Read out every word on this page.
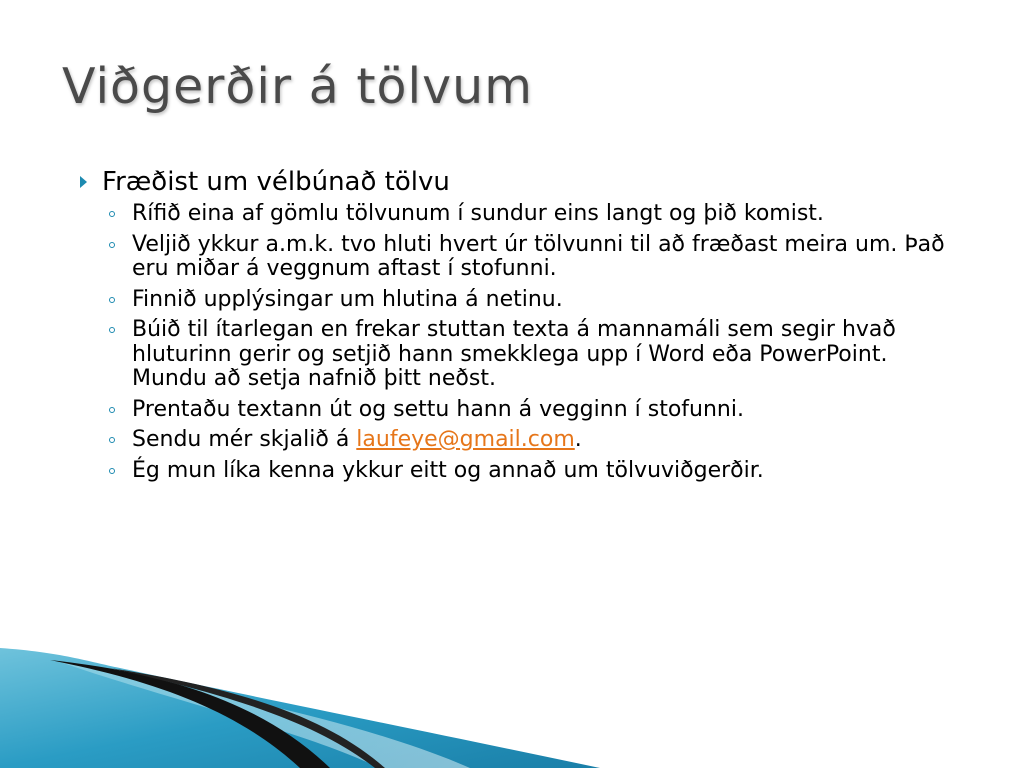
Viðgerðir á tölvum
Fræðist um vélbúnað tölvu
Rífið eina af gömlu tölvunum í sundur eins langt og þið komist.
Veljið ykkur a.m.k. tvo hluti hvert úr tölvunni til að fræðast meira um. Það eru miðar á veggnum aftast í stofunni.
Finnið upplýsingar um hlutina á netinu.
Búið til ítarlegan en frekar stuttan texta á mannamáli sem segir hvað hluturinn gerir og setjið hann smekklega upp í Word eða PowerPoint. Mundu að setja nafnið þitt neðst.
Prentaðu textann út og settu hann á vegginn í stofunni.
Sendu mér skjalið á laufeye@gmail.com.
Ég mun líka kenna ykkur eitt og annað um tölvuviðgerðir.
